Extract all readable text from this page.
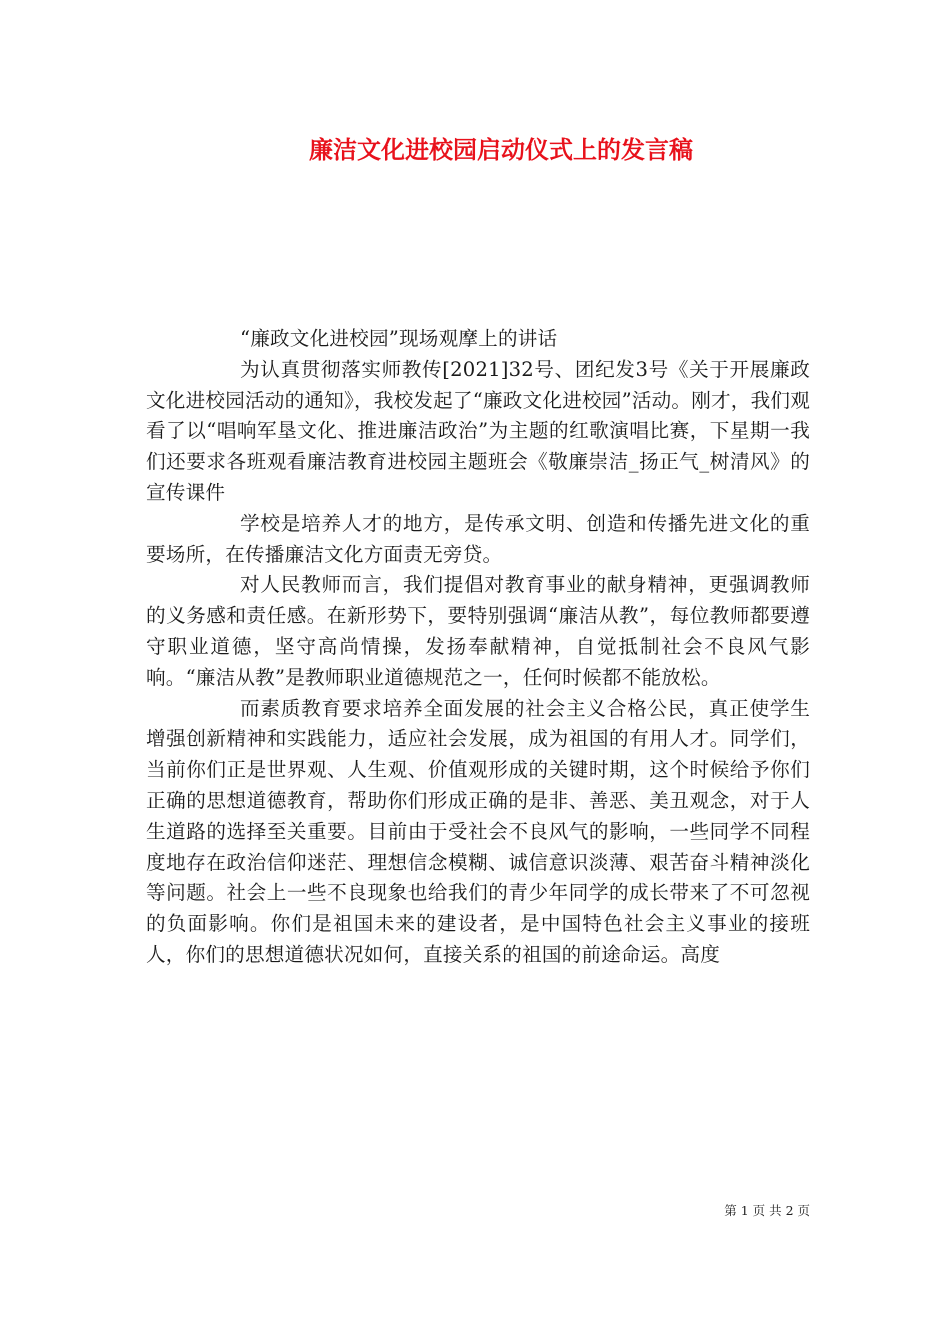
廉洁文化进校园启动仪式上的发言稿

“廉政文化进校园”现场观摩上的讲话

为认真贯彻落实师教传[2021]32号、团纪发3号《关于开展廉政文化进校园活动的通知》，我校发起了“廉政文化进校园”活动。刚才，我们观看了以“唱响军垦文化、推进廉洁政治”为主题的红歌演唱比赛，下星期一我们还要求各班观看廉洁教育进校园主题班会《敬廉崇洁_扬正气_树清风》的宣传课件

学校是培养人才的地方，是传承文明、创造和传播先进文化的重要场所，在传播廉洁文化方面责无旁贷。

对人民教师而言，我们提倡对教育事业的献身精神，更强调教师的义务感和责任感。在新形势下，要特别强调“廉洁从教”，每位教师都要遵守职业道德，坚守高尚情操，发扬奉献精神，自觉抵制社会不良风气影响。“廉洁从教”是教师职业道德规范之一，任何时候都不能放松。

而素质教育要求培养全面发展的社会主义合格公民，真正使学生增强创新精神和实践能力，适应社会发展，成为祖国的有用人才。同学们，当前你们正是世界观、人生观、价值观形成的关键时期，这个时候给予你们正确的思想道德教育，帮助你们形成正确的是非、善恶、美丑观念，对于人生道路的选择至关重要。目前由于受社会不良风气的影响，一些同学不同程度地存在政治信仰迷茫、理想信念模糊、诚信意识淡薄、艰苦奋斗精神淡化等问题。社会上一些不良现象也给我们的青少年同学的成长带来了不可忽视的负面影响。你们是祖国未来的建设者，是中国特色社会主义事业的接班人，你们的思想道德状况如何，直接关系的祖国的前途命运。高度

第 1 页 共 2 页
